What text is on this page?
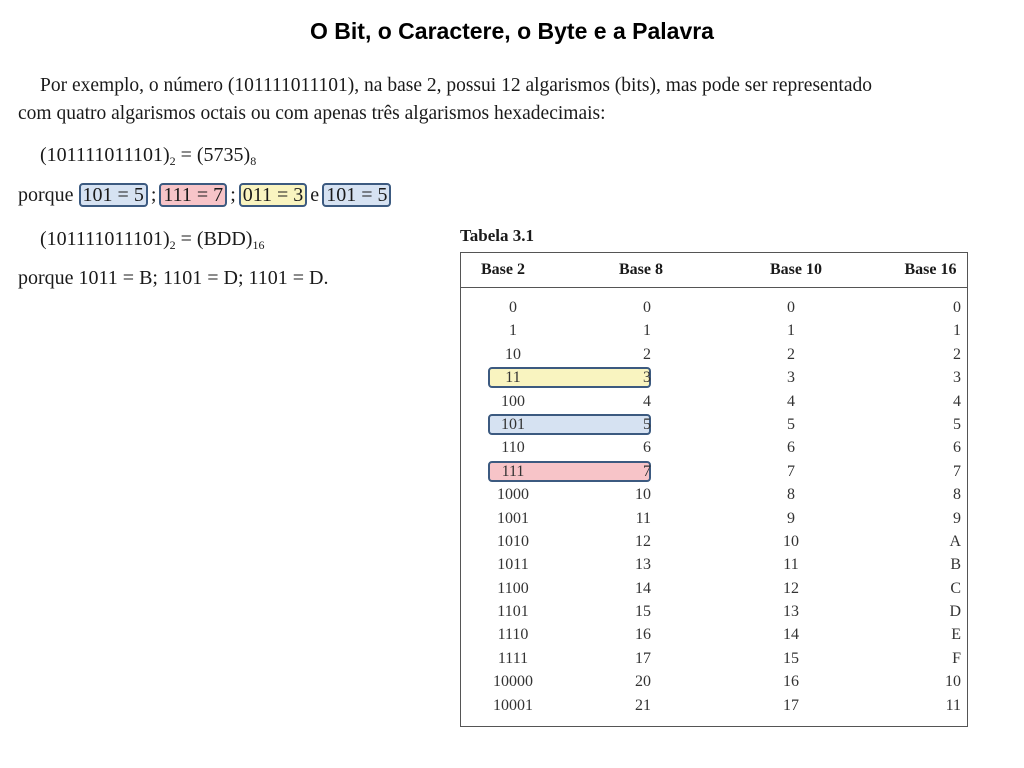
O Bit, o Caractere, o Byte e a Palavra
Por exemplo, o número (101111011101), na base 2, possui 12 algarismos (bits), mas pode ser representado
com quatro algarismos octais ou com apenas três algarismos hexadecimais:
$(101111011101)_2 = (5735)_8$
porque 101 = 5 ; 111 = 7 ; 011 = 3 e 101 = 5
$(101111011101)_2 = (BDD)_{16}$
porque 1011 = B; 1101 = D; 1101 = D.
Tabela 3.1
Base 2	Base 8	Base 10	Base 16
0	0	0	0
1	1	1	1
10	2	2	2
11	3	3	3
100	4	4	4
101	5	5	5
110	6	6	6
111	7	7	7
1000	10	8	8
1001	11	9	9
1010	12	10	A
1011	13	11	B
1100	14	12	C
1101	15	13	D
1110	16	14	E
1111	17	15	F
10000	20	16	10
10001	21	17	11
